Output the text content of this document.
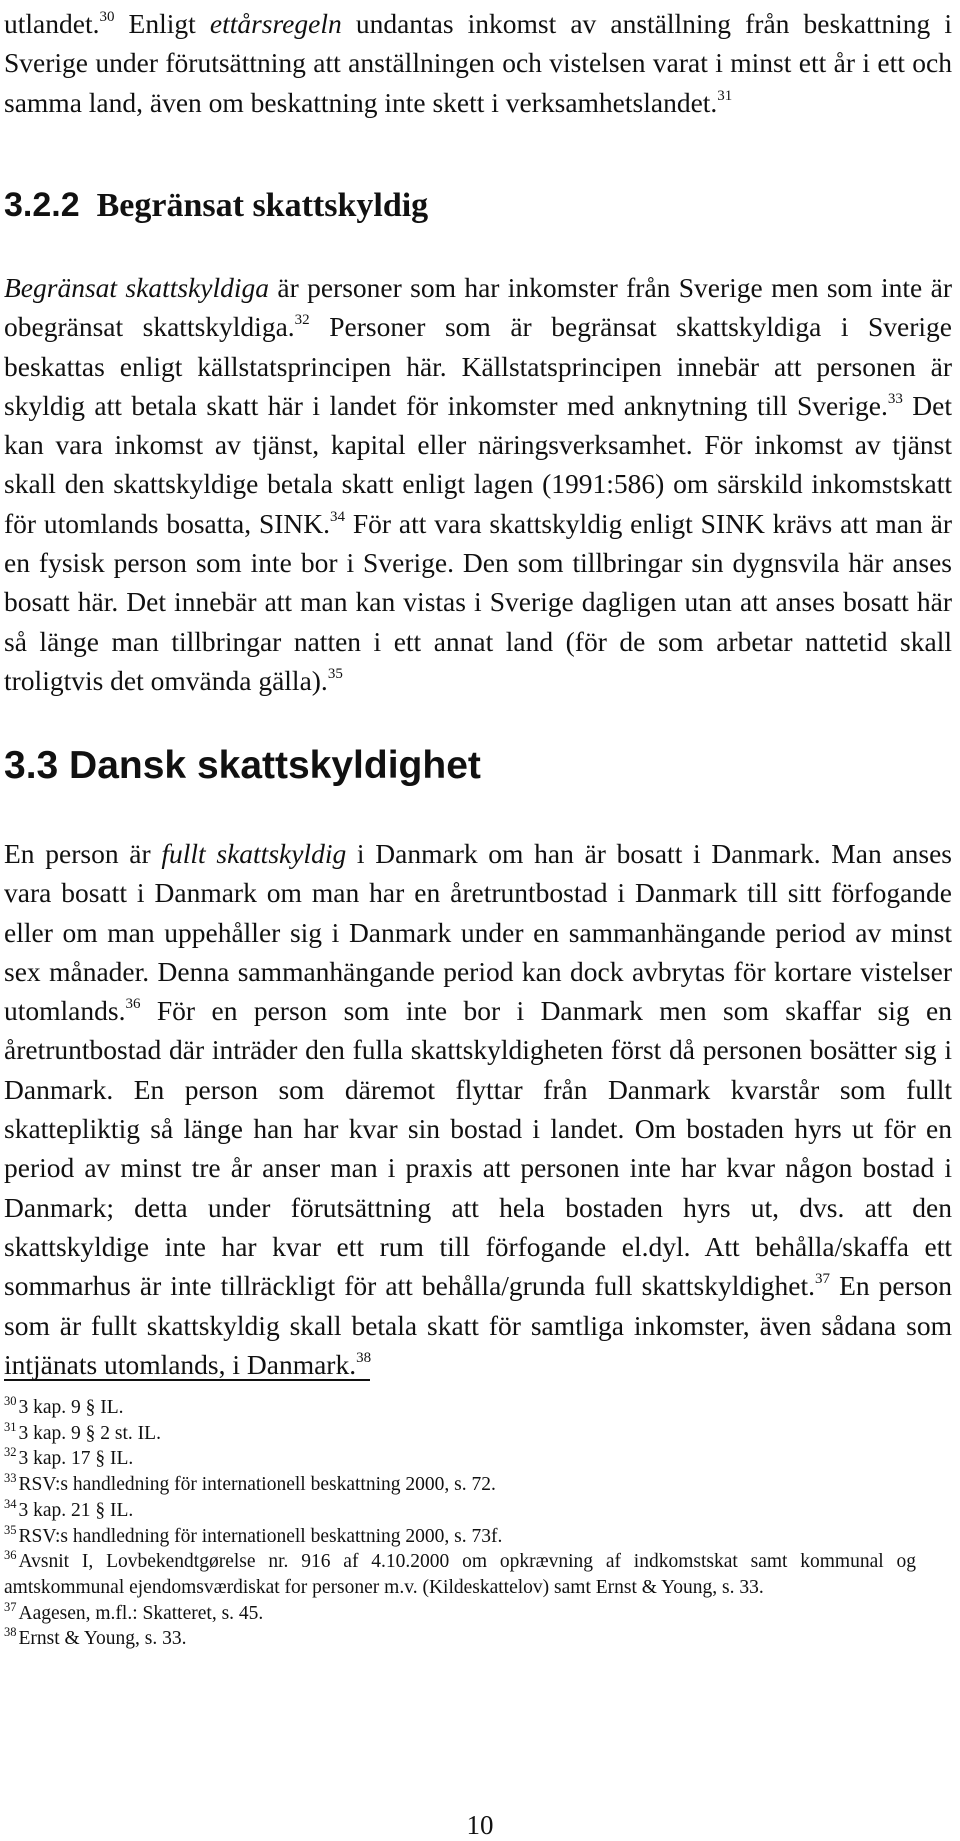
utlandet.$^{30}$ Enligt ettårsregeln undantas inkomst av anställning från beskattning i Sverige under förutsättning att anställningen och vistelsen varat i minst ett år i ett och samma land, även om beskattning inte skett i verksamhetslandet.$^{31}$

3.2.2 Begränsat skattskyldig

Begränsat skattskyldiga är personer som har inkomster från Sverige men som inte är obegränsat skattskyldiga.$^{32}$ Personer som är begränsat skattskyldiga i Sverige beskattas enligt källstatsprincipen här. Källstatsprincipen innebär att personen är skyldig att betala skatt här i landet för inkomster med anknytning till Sverige.$^{33}$ Det kan vara inkomst av tjänst, kapital eller näringsverksamhet. För inkomst av tjänst skall den skattskyldige betala skatt enligt lagen (1991:586) om särskild inkomstskatt för utomlands bosatta, SINK.$^{34}$ För att vara skattskyldig enligt SINK krävs att man är en fysisk person som inte bor i Sverige. Den som tillbringar sin dygnsvila här anses bosatt här. Det innebär att man kan vistas i Sverige dagligen utan att anses bosatt här så länge man tillbringar natten i ett annat land (för de som arbetar nattetid skall troligtvis det omvända gälla).$^{35}$

3.3 Dansk skattskyldighet

En person är fullt skattskyldig i Danmark om han är bosatt i Danmark. Man anses vara bosatt i Danmark om man har en åretruntbostad i Danmark till sitt förfogande eller om man uppehåller sig i Danmark under en sammanhängande period av minst sex månader. Denna sammanhängande period kan dock avbrytas för kortare vistelser utomlands.$^{36}$ För en person som inte bor i Danmark men som skaffar sig en åretruntbostad där inträder den fulla skattskyldigheten först då personen bosätter sig i Danmark. En person som däremot flyttar från Danmark kvarstår som fullt skattepliktig så länge han har kvar sin bostad i landet. Om bostaden hyrs ut för en period av minst tre år anser man i praxis att personen inte har kvar någon bostad i Danmark; detta under förutsättning att hela bostaden hyrs ut, dvs. att den skattskyldige inte har kvar ett rum till förfogande el.dyl. Att behålla/skaffa ett sommarhus är inte tillräckligt för att behålla/grunda full skattskyldighet.$^{37}$ En person som är fullt skattskyldig skall betala skatt för samtliga inkomster, även sådana som intjänats utomlands, i Danmark.$^{38}$

$^{30}$ 3 kap. 9 § IL.
$^{31}$ 3 kap. 9 § 2 st. IL.
$^{32}$ 3 kap. 17 § IL.
$^{33}$ RSV:s handledning för internationell beskattning 2000, s. 72.
$^{34}$ 3 kap. 21 § IL.
$^{35}$ RSV:s handledning för internationell beskattning 2000, s. 73f.
$^{36}$ Avsnit I, Lovbekendtgørelse nr. 916 af 4.10.2000 om opkrævning af indkomstskat samt kommunal og amtskommunal ejendomsværdiskat for personer m.v. (Kildeskattelov) samt Ernst & Young, s. 33.
$^{37}$ Aagesen, m.fl.: Skatteret, s. 45.
$^{38}$ Ernst & Young, s. 33.

10
